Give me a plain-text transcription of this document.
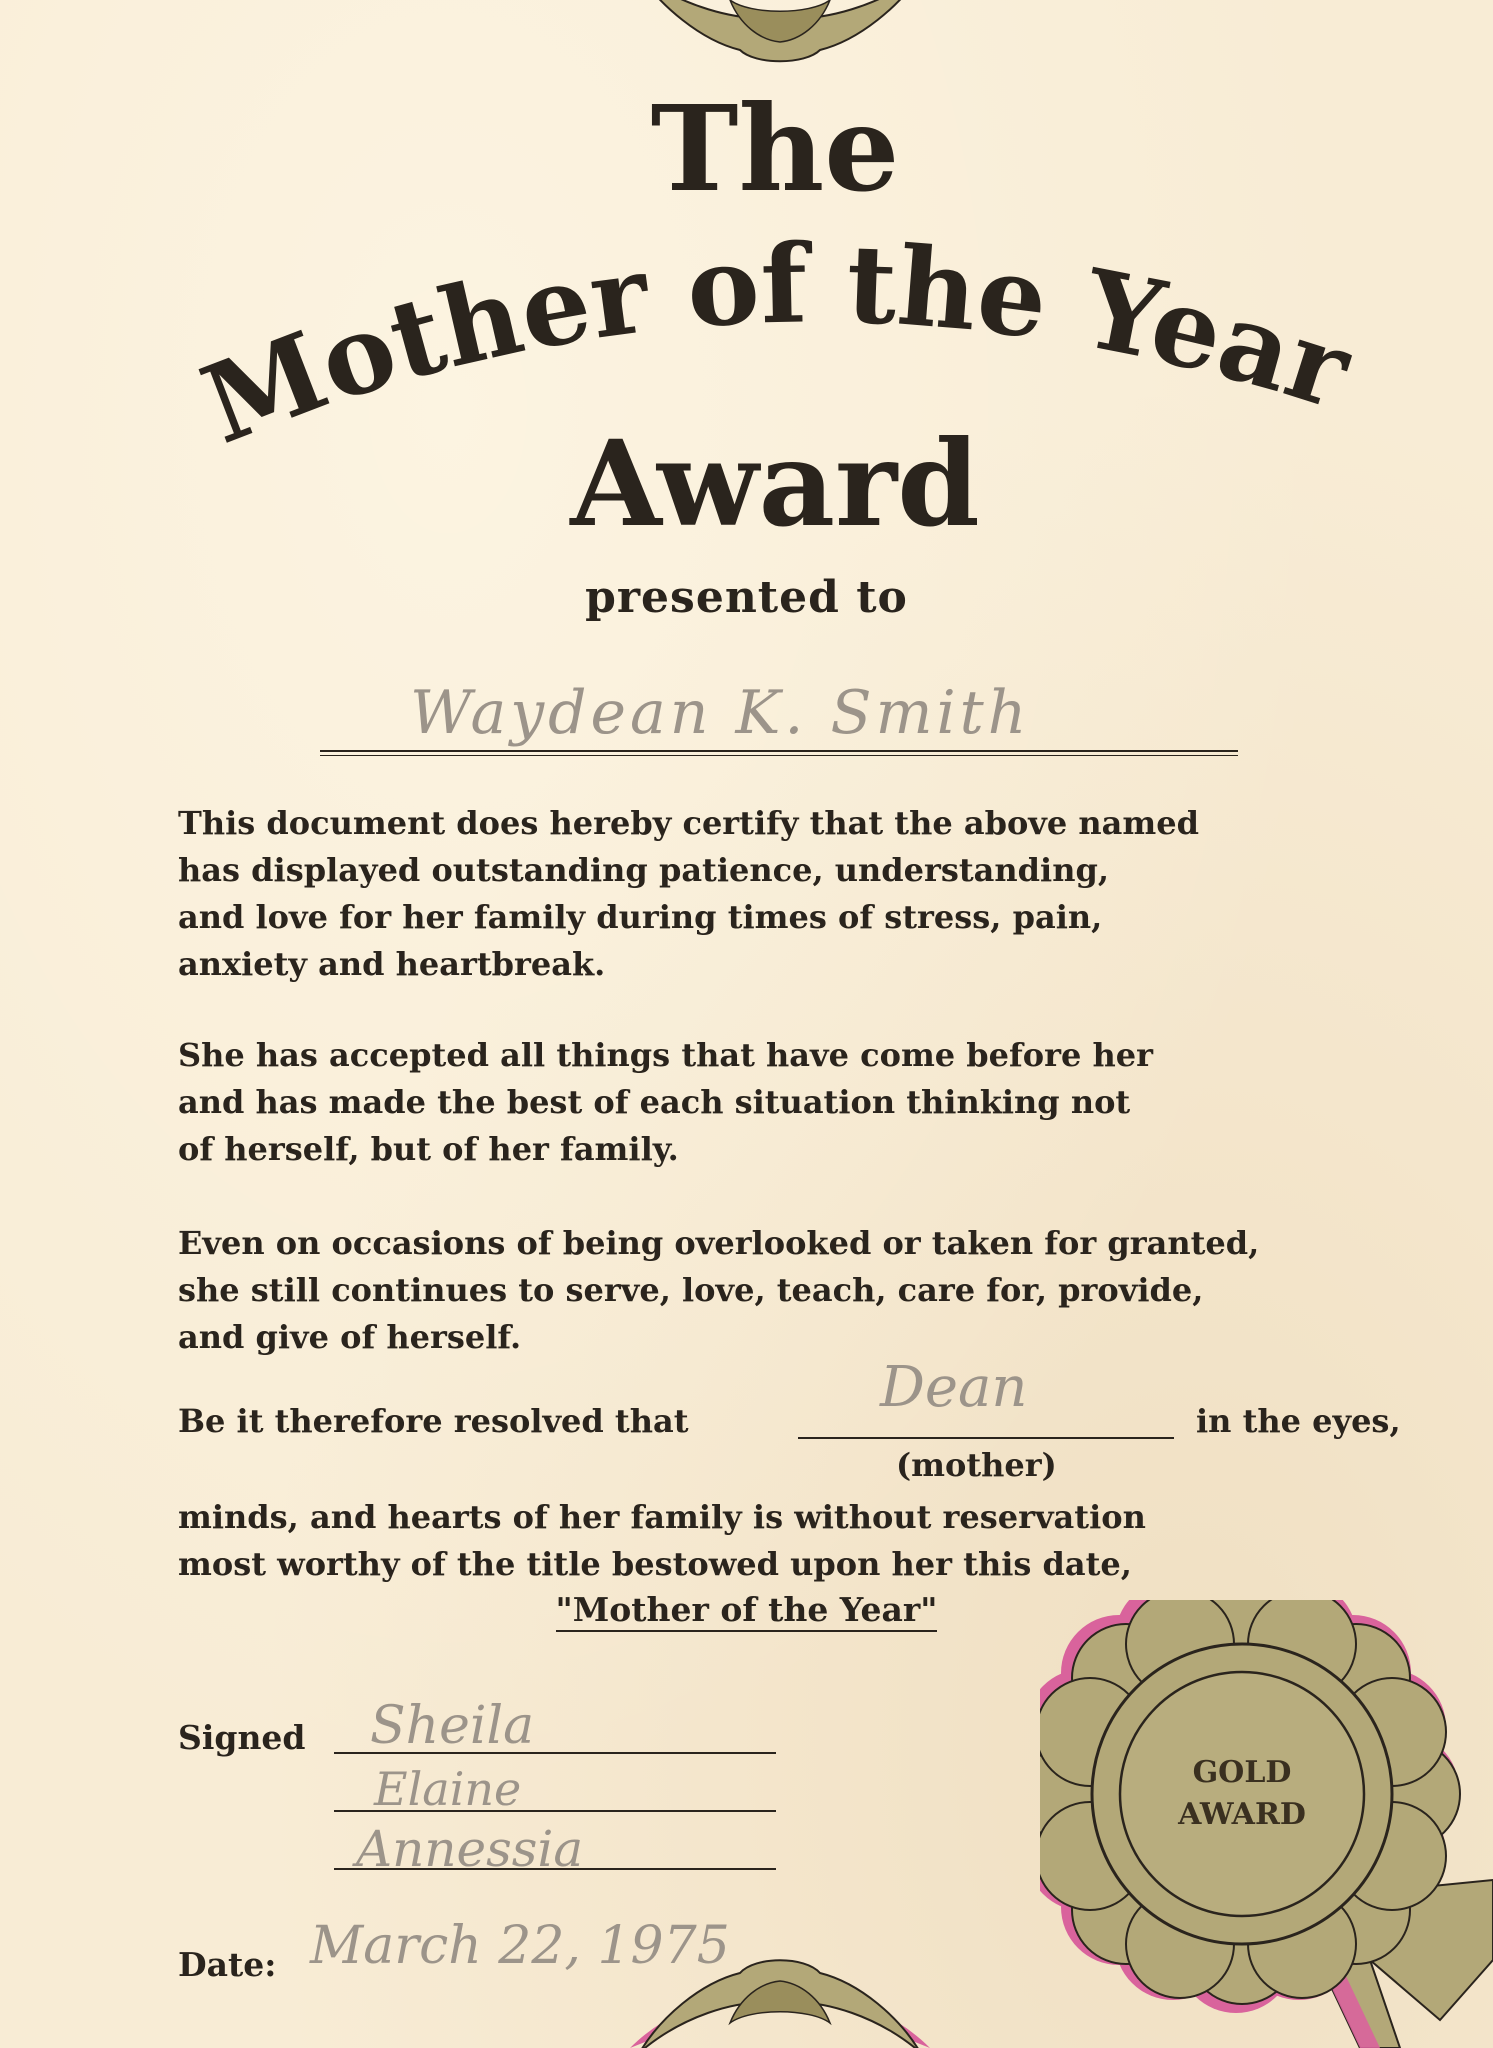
The
Mother of the Year
Award
presented to
Waydean K. Smith
This document does hereby certify that the above named
has displayed outstanding patience, understanding,
and love for her family during times of stress, pain,
anxiety and heartbreak.
She has accepted all things that have come before her
and has made the best of each situation thinking not
of herself, but of her family.
Even on occasions of being overlooked or taken for granted,
she still continues to serve, love, teach, care for, provide,
and give of herself.
Be it therefore resolved that
Dean
in the eyes,
(mother)
minds, and hearts of her family is without reservation
most worthy of the title bestowed upon her this date,
"Mother of the Year"
Signed Sheila
Elaine
Annessia
Date: March 22, 1975
GOLD
AWARD
